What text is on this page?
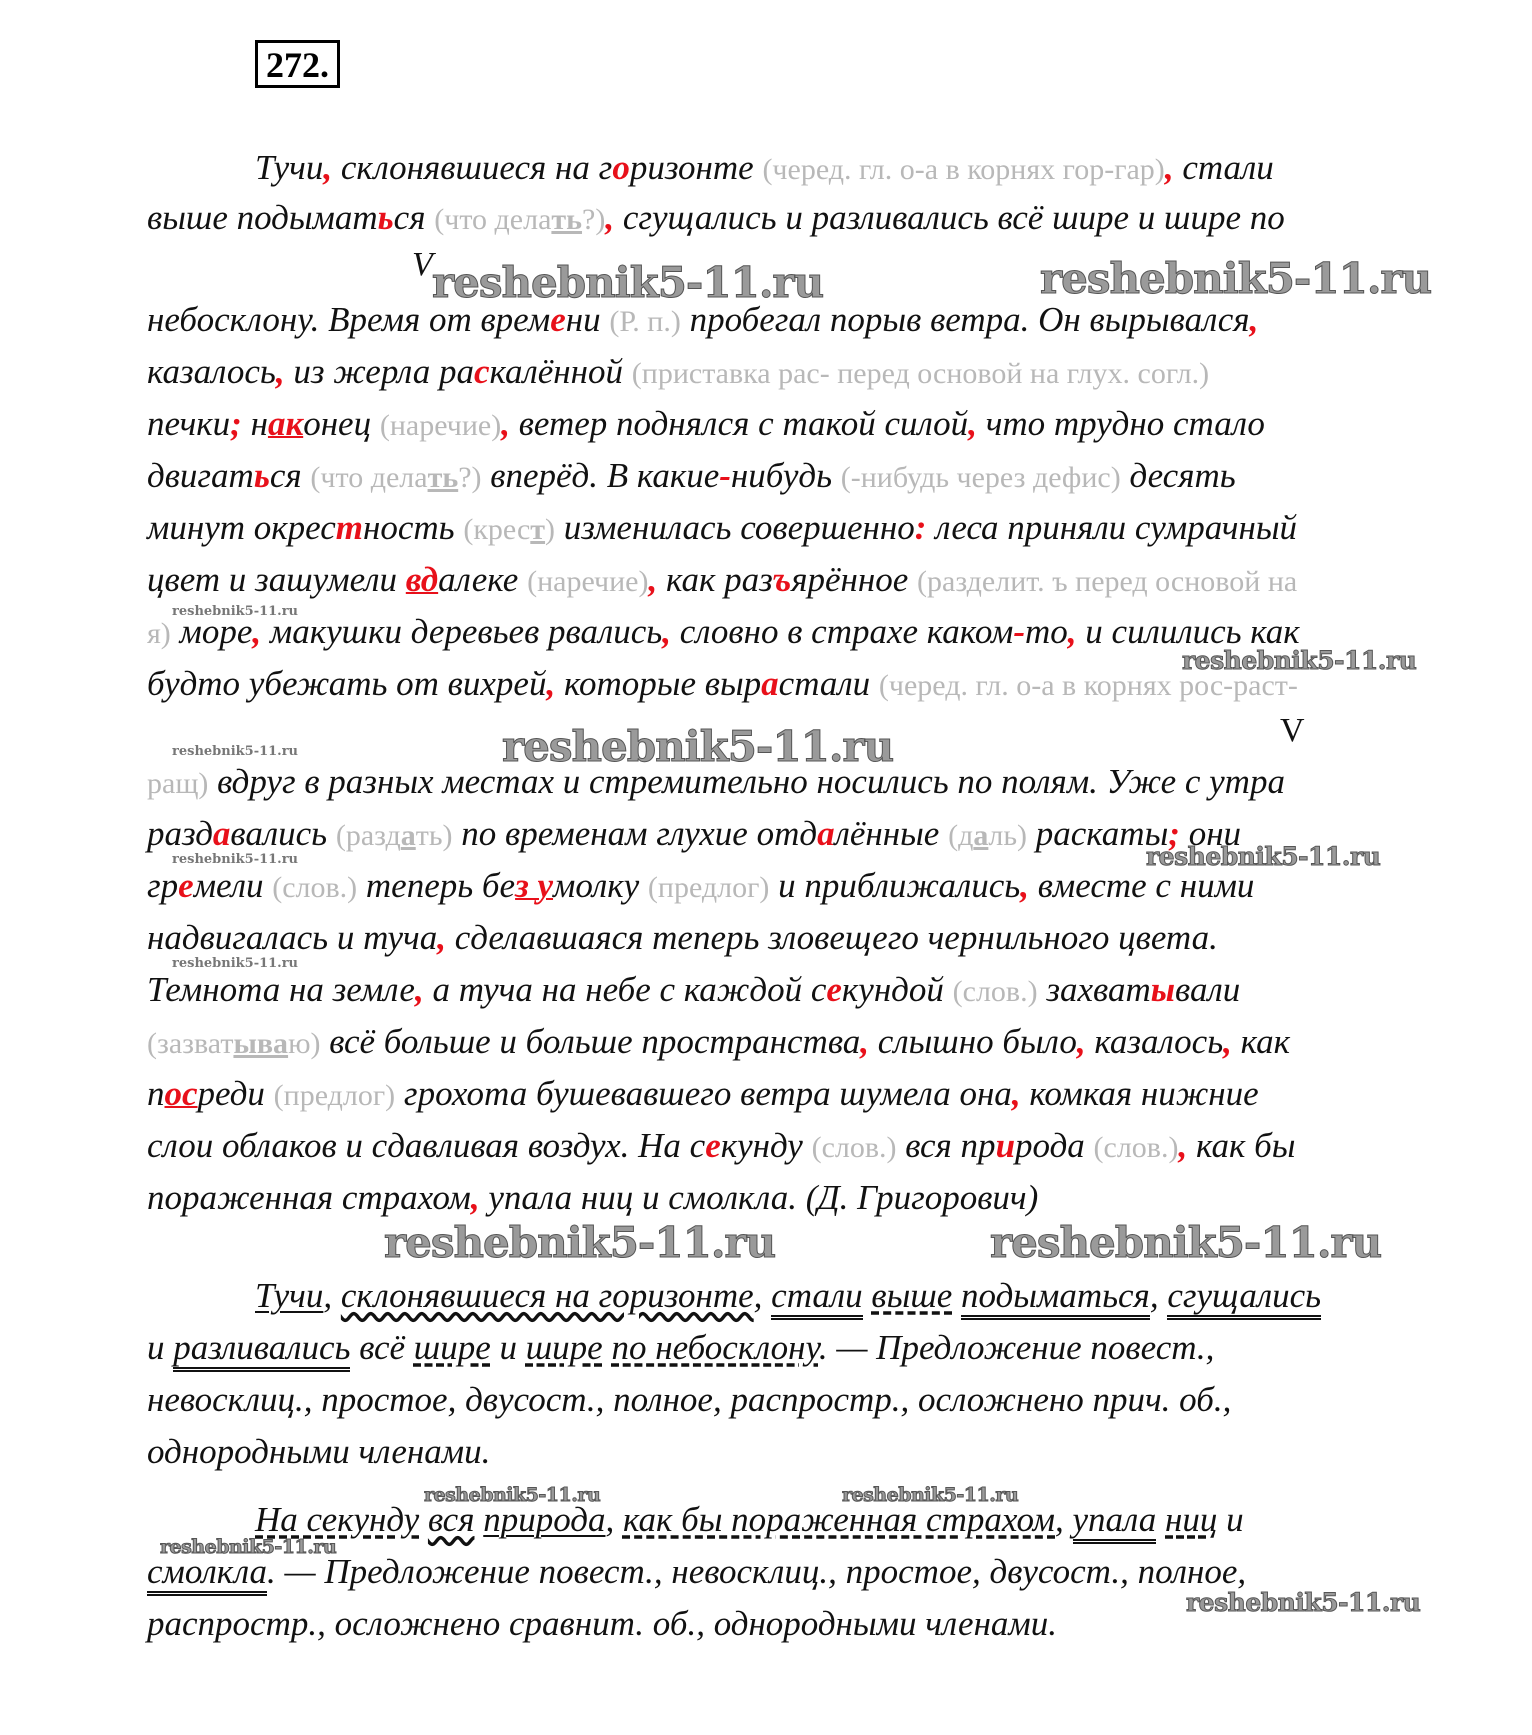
272.
Тучи, склонявшиеся на горизонте (черед. гл. о-а в корнях гор-гар), стали
выше подыматься (что делать?), сгущались и разливались всё шире и шире по
V reshebnik5-11.ru	reshebnik5-11.ru
небосклону. Время от времени (Р. п.) пробегал порыв ветра. Он вырывался,
казалось, из жерла раскалённой (приставка рас- перед основой на глух. согл.)
печки; наконец (наречие), ветер поднялся с такой силой, что трудно стало
двигаться (что делать?) вперёд. В какие-нибудь (-нибудь через дефис) десять
минут окрестность (крест) изменилась совершенно: леса приняли сумрачный
цвет и зашумели вдалеке (наречие), как разъярённое (разделит. ъ перед основой на
reshebnik5-11.ru
я) море, макушки деревьев рвались, словно в страхе каком-то, и силились как
reshebnik5-11.ru
будто убежать от вихрей, которые вырастали (черед. гл. о-а в корнях рос-раст-
V
reshebnik5-11.ru	reshebnik5-11.ru
ращ) вдруг в разных местах и стремительно носились по полям. Уже с утра
раздавались (раздать) по временам глухие отдалённые (даль) раскаты; они
reshebnik5-11.ru	reshebnik5-11.ru
гремели (слов.) теперь без умолку (предлог) и приближались, вместе с ними
надвигалась и туча, сделавшаяся теперь зловещего чернильного цвета.
reshebnik5-11.ru
Темнота на земле, а туча на небе с каждой секундой (слов.) захватывали
(зазватываю) всё больше и больше пространства, слышно было, казалось, как
посреди (предлог) грохота бушевавшего ветра шумела она, комкая нижние
слои облаков и сдавливая воздух. На секунду (слов.) вся природа (слов.), как бы
пораженная страхом, упала ниц и смолкла. (Д. Григорович)
reshebnik5-11.ru	reshebnik5-11.ru
Тучи, склонявшиеся на горизонте, стали выше подыматься, сгущались
и разливались всё шире и шире по небосклону. — Предложение повест.,
невосклиц., простое, двусост., полное, распростр., осложнено прич. об.,
однородными членами.
reshebnik5-11.ru	reshebnik5-11.ru
На секунду вся природа, как бы пораженная страхом, упала ниц и
reshebnik5-11.ru
смолкла. — Предложение повест., невосклиц., простое, двусост., полное,
reshebnik5-11.ru
распростр., осложнено сравнит. об., однородными членами.
